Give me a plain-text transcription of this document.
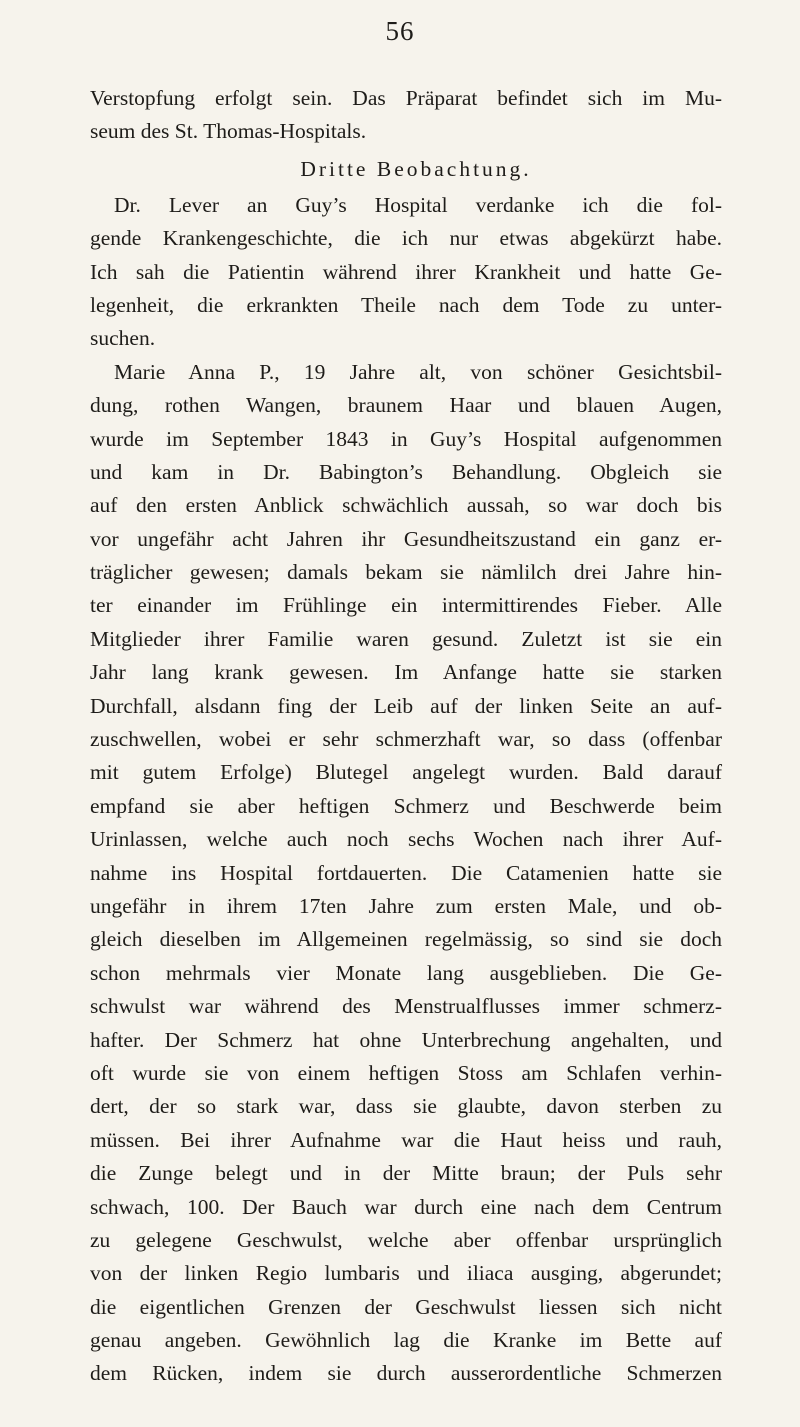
56
Verstopfung erfolgt sein. Das Präparat befindet sich im Mu-
seum des St. Thomas-Hospitals.
Dritte Beobachtung.
Dr. Lever an Guy’s Hospital verdanke ich die fol-
gende Krankengeschichte, die ich nur etwas abgekürzt habe.
Ich sah die Patientin während ihrer Krankheit und hatte Ge-
legenheit, die erkrankten Theile nach dem Tode zu unter-
suchen.
Marie Anna P., 19 Jahre alt, von schöner Gesichtsbil-
dung, rothen Wangen, braunem Haar und blauen Augen,
wurde im September 1843 in Guy’s Hospital aufgenommen
und kam in Dr. Babington’s Behandlung. Obgleich sie
auf den ersten Anblick schwächlich aussah, so war doch bis
vor ungefähr acht Jahren ihr Gesundheitszustand ein ganz er-
träglicher gewesen; damals bekam sie nämlilch drei Jahre hin-
ter einander im Frühlinge ein intermittirendes Fieber. Alle
Mitglieder ihrer Familie waren gesund. Zuletzt ist sie ein
Jahr lang krank gewesen. Im Anfange hatte sie starken
Durchfall, alsdann fing der Leib auf der linken Seite an auf-
zuschwellen, wobei er sehr schmerzhaft war, so dass (offenbar
mit gutem Erfolge) Blutegel angelegt wurden. Bald darauf
empfand sie aber heftigen Schmerz und Beschwerde beim
Urinlassen, welche auch noch sechs Wochen nach ihrer Auf-
nahme ins Hospital fortdauerten. Die Catamenien hatte sie
ungefähr in ihrem 17ten Jahre zum ersten Male, und ob-
gleich dieselben im Allgemeinen regelmässig, so sind sie doch
schon mehrmals vier Monate lang ausgeblieben. Die Ge-
schwulst war während des Menstrualflusses immer schmerz-
hafter. Der Schmerz hat ohne Unterbrechung angehalten, und
oft wurde sie von einem heftigen Stoss am Schlafen verhin-
dert, der so stark war, dass sie glaubte, davon sterben zu
müssen. Bei ihrer Aufnahme war die Haut heiss und rauh,
die Zunge belegt und in der Mitte braun; der Puls sehr
schwach, 100. Der Bauch war durch eine nach dem Centrum
zu gelegene Geschwulst, welche aber offenbar ursprünglich
von der linken Regio lumbaris und iliaca ausging, abgerundet;
die eigentlichen Grenzen der Geschwulst liessen sich nicht
genau angeben. Gewöhnlich lag die Kranke im Bette auf
dem Rücken, indem sie durch ausserordentliche Schmerzen
